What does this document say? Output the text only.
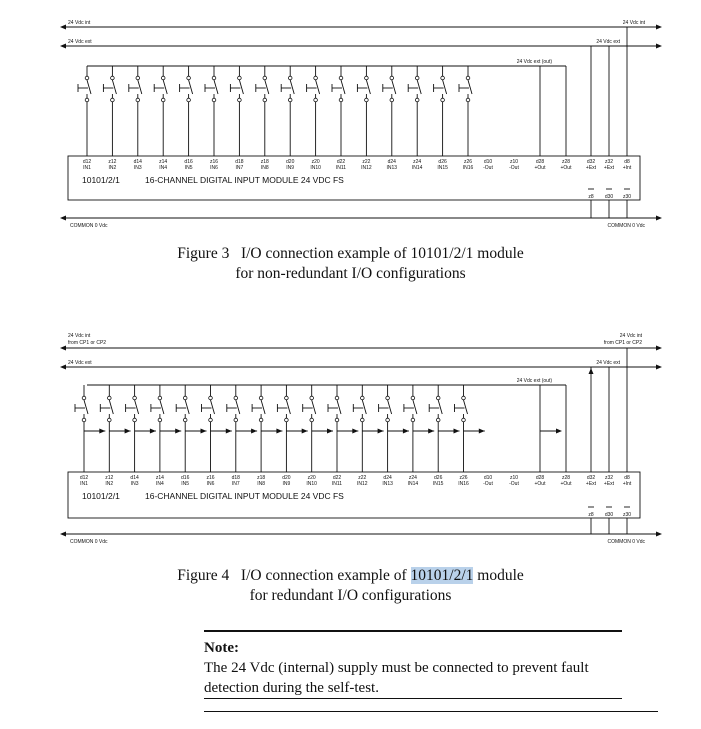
24 Vdc int	24 Vdc int
24 Vdc ext	24 Vdc ext
24 Vdc ext (out)
d12
IN1
z12
IN2
d14
IN3
z14
IN4
d16
IN5
z16
IN6
d18
IN7
z18
IN8
d20
IN9
z20
IN10
d22
IN11
z22
IN12
d24
IN13
z24
IN14
d26
IN15
z26
IN16
d10
-Out
z10
-Out
d28
+Out
z28
+Out
d32
+Ext
z32
+Ext
d8
+Int
10101/2/1	16-CHANNEL DIGITAL INPUT MODULE 24 VDC FS
z8 d30 z30
COMMON 0 Vdc	COMMON 0 Vdc
Figure 3   I/O connection example of 10101/2/1 module
for non-redundant I/O configurations
24 Vdc int
from CP1 or CP2
24 Vdc int
from CP1 or CP2
24 Vdc ext	24 Vdc ext
24 Vdc ext (out)
d12
IN1
z12
IN2
d14
IN3
z14
IN4
d16
IN5
z16
IN6
d18
IN7
z18
IN8
d20
IN9
z20
IN10
d22
IN11
z22
IN12
d24
IN13
z24
IN14
d26
IN15
z26
IN16
d10
-Out
z10
-Out
d28
+Out
z28
+Out
d32
+Ext
z32
+Ext
d8
+Int
10101/2/1	16-CHANNEL DIGITAL INPUT MODULE 24 VDC FS
z8 d30 z30
COMMON 0 Vdc	COMMON 0 Vdc
Figure 4   I/O connection example of 10101/2/1 module
for redundant I/O configurations
Note:
The 24 Vdc (internal) supply must be connected to prevent fault detection during the self-test.
